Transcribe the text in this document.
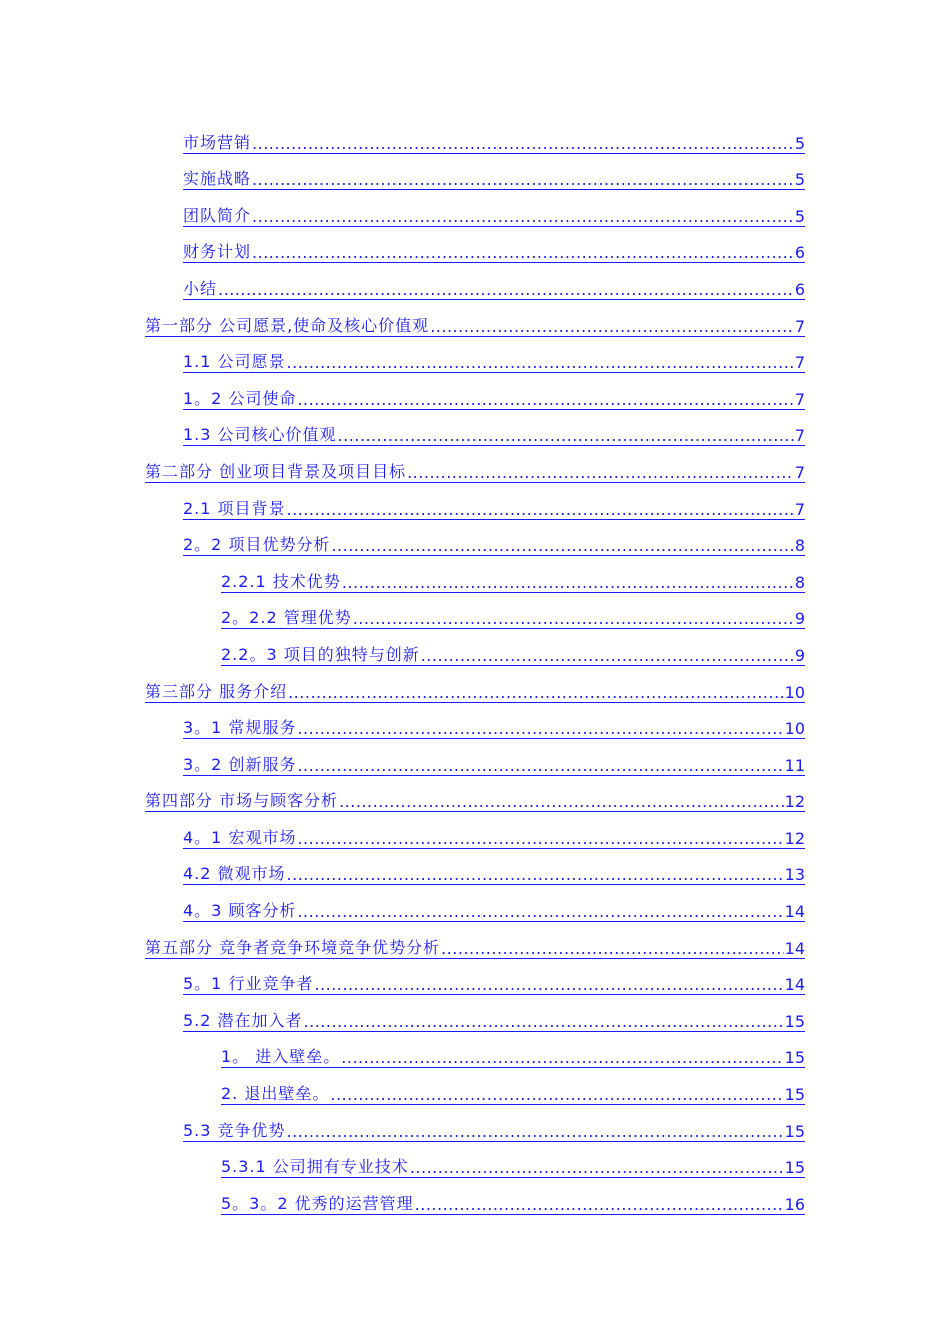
市场营销 .....	5
实施战略 .....	5
团队简介 .....	5
财务计划 .....	6
小结 .....	6
第一部分 公司愿景,使命及核心价值观 .....	7
1.1 公司愿景 .....	7
1。2 公司使命 .....	7
1.3 公司核心价值观 .....	7
第二部分 创业项目背景及项目目标 .....	7
2.1 项目背景 .....	7
2。2 项目优势分析 .....	8
2.2.1 技术优势 .....	8
2。2.2 管理优势 .....	9
2.2。3 项目的独特与创新 .....	9
第三部分 服务介绍 .....	10
3。1 常规服务 .....	10
3。2 创新服务 .....	11
第四部分 市场与顾客分析 .....	12
4。1 宏观市场 .....	12
4.2 微观市场 .....	13
4。3 顾客分析 .....	14
第五部分 竞争者竞争环境竞争优势分析 .....	14
5。1 行业竞争者 .....	14
5.2 潜在加入者 .....	15
1。 进入壁垒。 .....	15
2. 退出壁垒。 .....	15
5.3 竞争优势 .....	15
5.3.1 公司拥有专业技术 .....	15
5。3。2 优秀的运营管理 .....	16
